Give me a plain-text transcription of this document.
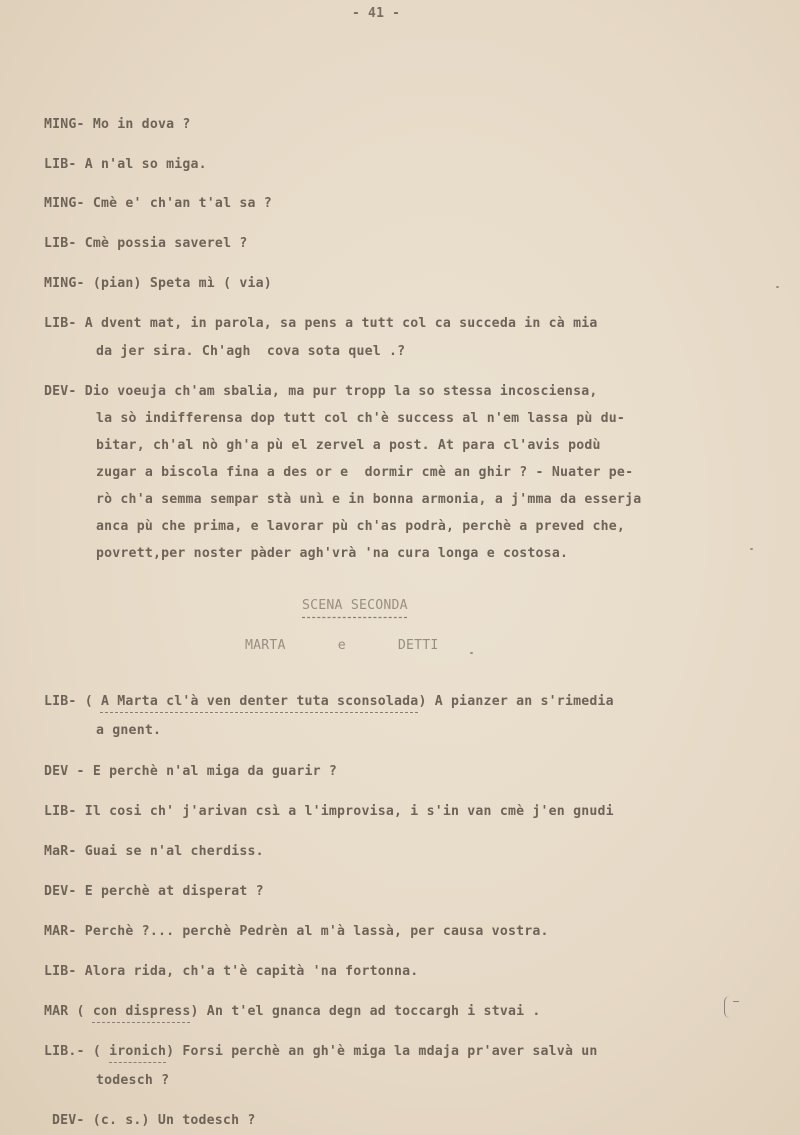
- 41 -
MING- Mo in dova ?
LIB- A n'al so miga.
MING- Cmè e' ch'an t'al sa ?
LIB- Cmè possia saverel ?
MING- (pian) Speta mì ( via)
LIB- A dvent mat, in parola, sa pens a tutt col ca succeda in cà mia
da jer sira. Ch'agh  cova sota quel .?
DEV- Dio voeuja ch'am sbalia, ma pur tropp la so stessa incosciensa,
la sò indifferensa dop tutt col ch'è success al n'em lassa pù du-
bitar, ch'al nò gh'a pù el zervel a post. At para cl'avis podù
zugar a biscola fina a des or e  dormir cmè an ghir ? - Nuater pe-
rò ch'a semma sempar stà unì e in bonna armonia, a j'mma da esserja
anca pù che prima, e lavorar pù ch'as podrà, perchè a preved che,
povrett,per noster pàder agh'vrà 'na cura longa e costosa.
SCENA SECONDA
MARTA	e	DETTI
LIB- ( A Marta cl'à ven denter tuta sconsolada) A pianzer an s'rimedia
a gnent.
DEV - E perchè n'al miga da guarir ?
LIB- Il cosi ch' j'arivan csì a l'improvisa, i s'in van cmè j'en gnudi
MaR- Guai se n'al cherdiss.
DEV- E perchè at disperat ?
MAR- Perchè ?... perchè Pedrèn al m'à lassà, per causa vostra.
LIB- Alora rida, ch'a t'è capità 'na fortonna.
MAR ( con dispress) An t'el gnanca degn ad toccargh i stvai .
LIB.- ( ironich) Forsi perchè an gh'è miga la mdaja pr'aver salvà un
todesch ?
DEV- (c. s.) Un todesch ?
